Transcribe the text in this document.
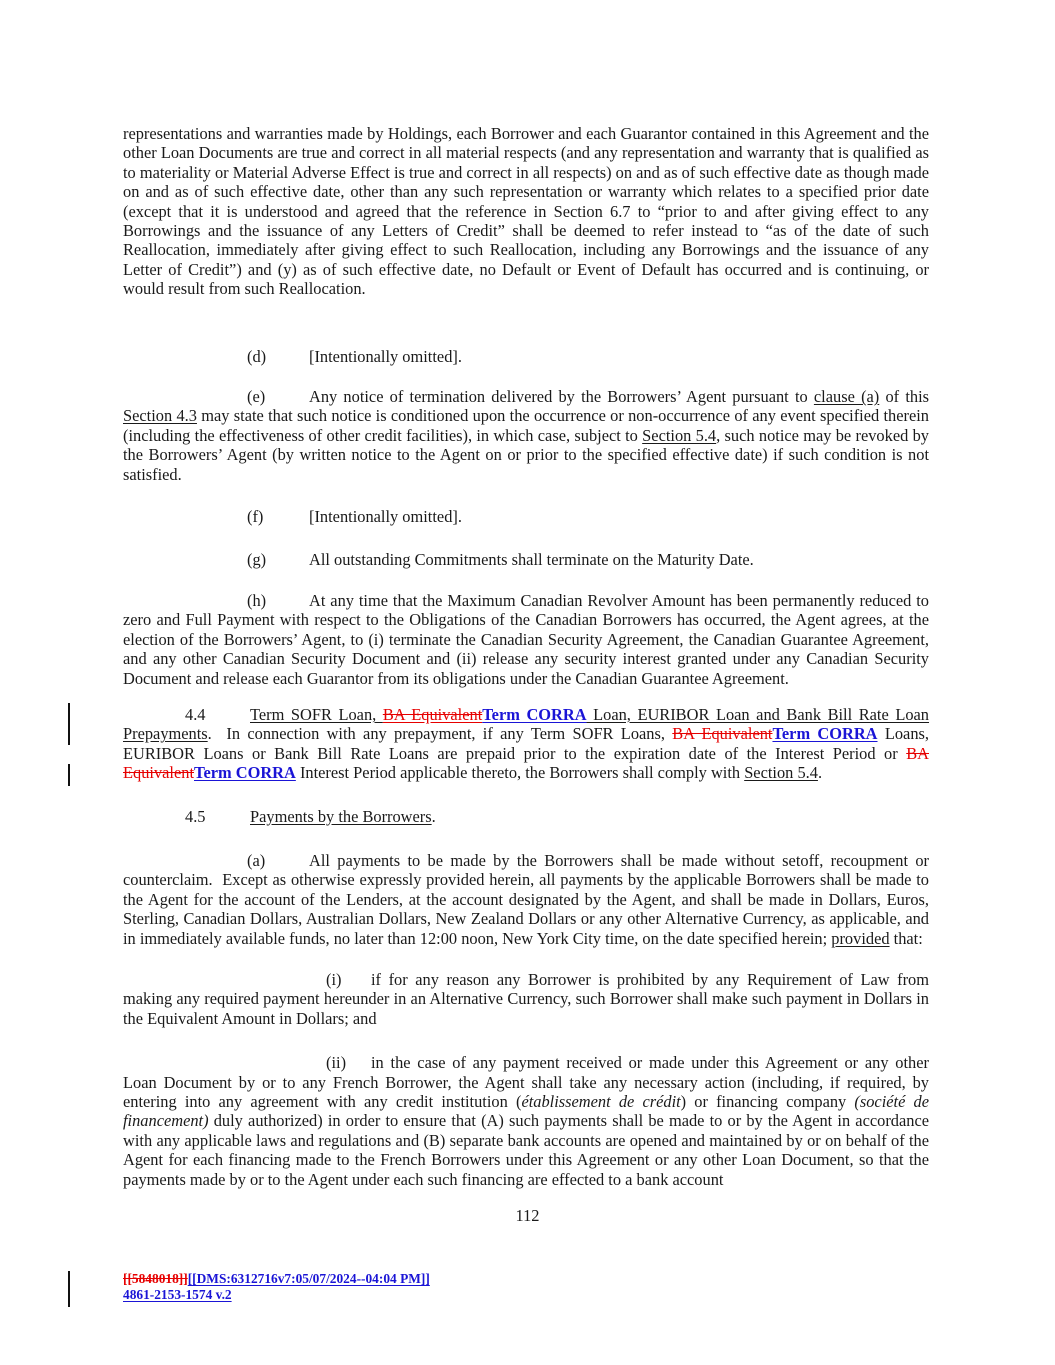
representations and warranties made by Holdings, each Borrower and each Guarantor contained in this Agreement and the other Loan Documents are true and correct in all material respects (and any representation and warranty that is qualified as to materiality or Material Adverse Effect is true and correct in all respects) on and as of such effective date as though made on and as of such effective date, other than any such representation or warranty which relates to a specified prior date (except that it is understood and agreed that the reference in Section 6.7 to “prior to and after giving effect to any Borrowings and the issuance of any Letters of Credit” shall be deemed to refer instead to “as of the date of such Reallocation, immediately after giving effect to such Reallocation, including any Borrowings and the issuance of any Letter of Credit”) and (y) as of such effective date, no Default or Event of Default has occurred and is continuing, or would result from such Reallocation.

(d)	[Intentionally omitted].

(e)	Any notice of termination delivered by the Borrowers’ Agent pursuant to clause (a) of this Section 4.3 may state that such notice is conditioned upon the occurrence or non-occurrence of any event specified therein (including the effectiveness of other credit facilities), in which case, subject to Section 5.4, such notice may be revoked by the Borrowers’ Agent (by written notice to the Agent on or prior to the specified effective date) if such condition is not satisfied.

(f)	[Intentionally omitted].

(g)	All outstanding Commitments shall terminate on the Maturity Date.

(h)	At any time that the Maximum Canadian Revolver Amount has been permanently reduced to zero and Full Payment with respect to the Obligations of the Canadian Borrowers has occurred, the Agent agrees, at the election of the Borrowers’ Agent, to (i) terminate the Canadian Security Agreement, the Canadian Guarantee Agreement, and any other Canadian Security Document and (ii) release any security interest granted under any Canadian Security Document and release each Guarantor from its obligations under the Canadian Guarantee Agreement.

4.4	Term SOFR Loan, BA EquivalentTerm CORRA Loan, EURIBOR Loan and Bank Bill Rate Loan Prepayments.  In connection with any prepayment, if any Term SOFR Loans, BA EquivalentTerm CORRA Loans, EURIBOR Loans or Bank Bill Rate Loans are prepaid prior to the expiration date of the Interest Period or BA EquivalentTerm CORRA Interest Period applicable thereto, the Borrowers shall comply with Section 5.4.

4.5	Payments by the Borrowers.

(a)	All payments to be made by the Borrowers shall be made without setoff, recoupment or counterclaim.  Except as otherwise expressly provided herein, all payments by the applicable Borrowers shall be made to the Agent for the account of the Lenders, at the account designated by the Agent, and shall be made in Dollars, Euros, Sterling, Canadian Dollars, Australian Dollars, New Zealand Dollars or any other Alternative Currency, as applicable, and in immediately available funds, no later than 12:00 noon, New York City time, on the date specified herein; provided that:

(i) if for any reason any Borrower is prohibited by any Requirement of Law from making any required payment hereunder in an Alternative Currency, such Borrower shall make such payment in Dollars in the Equivalent Amount in Dollars; and

(ii) in the case of any payment received or made under this Agreement or any other Loan Document by or to any French Borrower, the Agent shall take any necessary action (including, if required, by entering into any agreement with any credit institution (établissement de crédit) or financing company (société de financement) duly authorized) in order to ensure that (A) such payments shall be made to or by the Agent in accordance with any applicable laws and regulations and (B) separate bank accounts are opened and maintained by or on behalf of the Agent for each financing made to the French Borrowers under this Agreement or any other Loan Document, so that the payments made by or to the Agent under each such financing are effected to a bank account

112
[[5848018]][[DMS:6312716v7:05/07/2024--04:04 PM]]
4861-2153-1574 v.2
